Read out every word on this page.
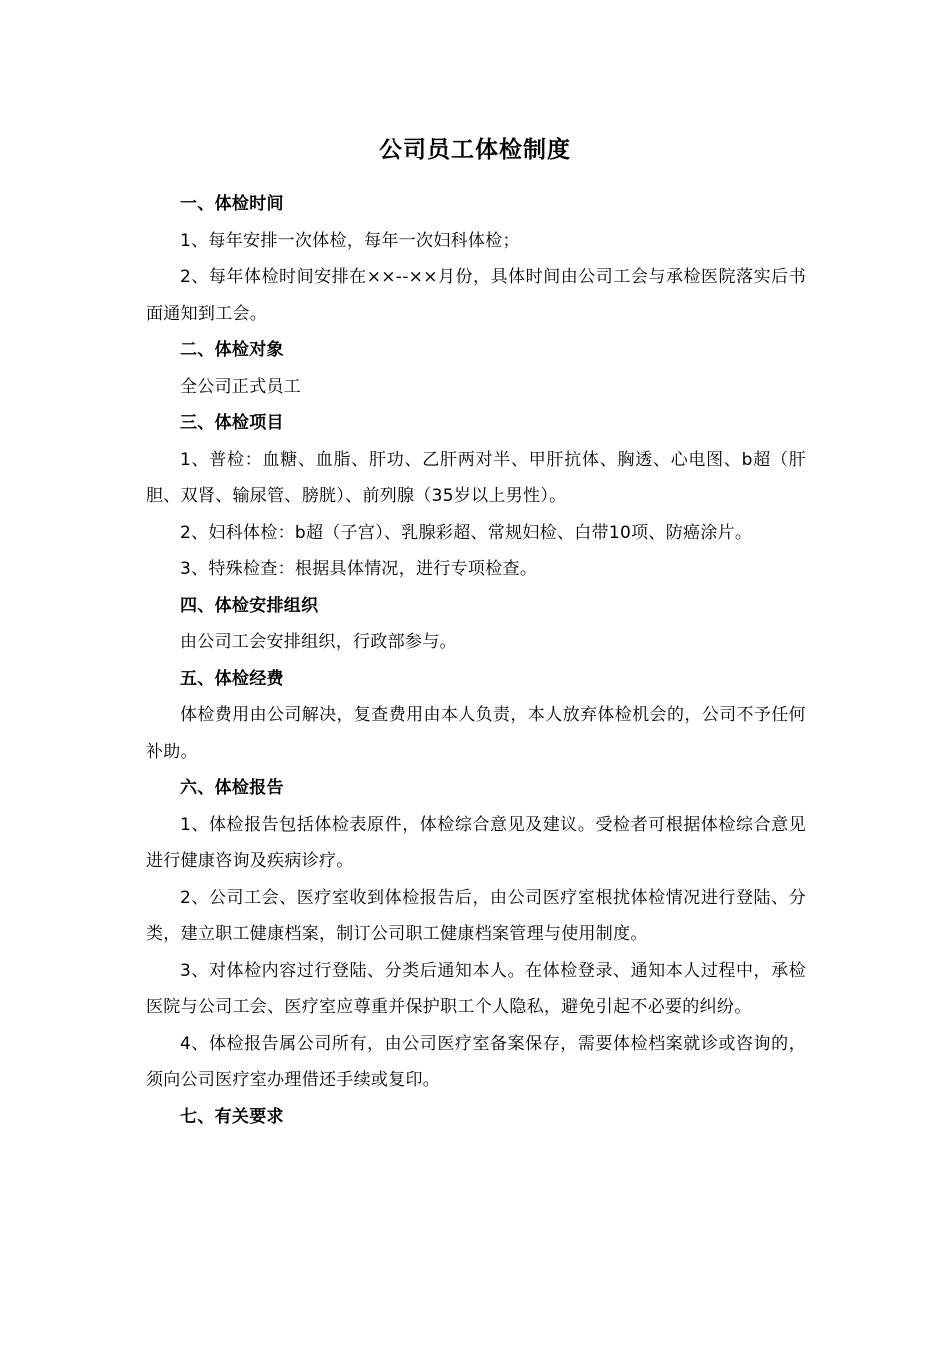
公司员工体检制度

一、体检时间

1、每年安排一次体检，每年一次妇科体检；

2、每年体检时间安排在××--××月份，具体时间由公司工会与承检医院落实后书面通知到工会。

二、体检对象

全公司正式员工

三、体检项目

1、普检：血糖、血脂、肝功、乙肝两对半、甲肝抗体、胸透、心电图、b超（肝胆、双肾、输尿管、膀胱）、前列腺（35岁以上男性）。

2、妇科体检：b超（子宫）、乳腺彩超、常规妇检、白带10项、防癌涂片。

3、特殊检查：根据具体情况，进行专项检查。

四、体检安排组织

由公司工会安排组织，行政部参与。

五、体检经费

体检费用由公司解决，复查费用由本人负责，本人放弃体检机会的，公司不予任何补助。

六、体检报告

1、体检报告包括体检表原件，体检综合意见及建议。受检者可根据体检综合意见进行健康咨询及疾病诊疗。

2、公司工会、医疗室收到体检报告后，由公司医疗室根扰体检情况进行登陆、分类，建立职工健康档案，制订公司职工健康档案管理与使用制度。

3、对体检内容过行登陆、分类后通知本人。在体检登录、通知本人过程中，承检医院与公司工会、医疗室应尊重并保护职工个人隐私，避免引起不必要的纠纷。

4、体检报告属公司所有，由公司医疗室备案保存，需要体检档案就诊或咨询的，须向公司医疗室办理借还手续或复印。

七、有关要求
